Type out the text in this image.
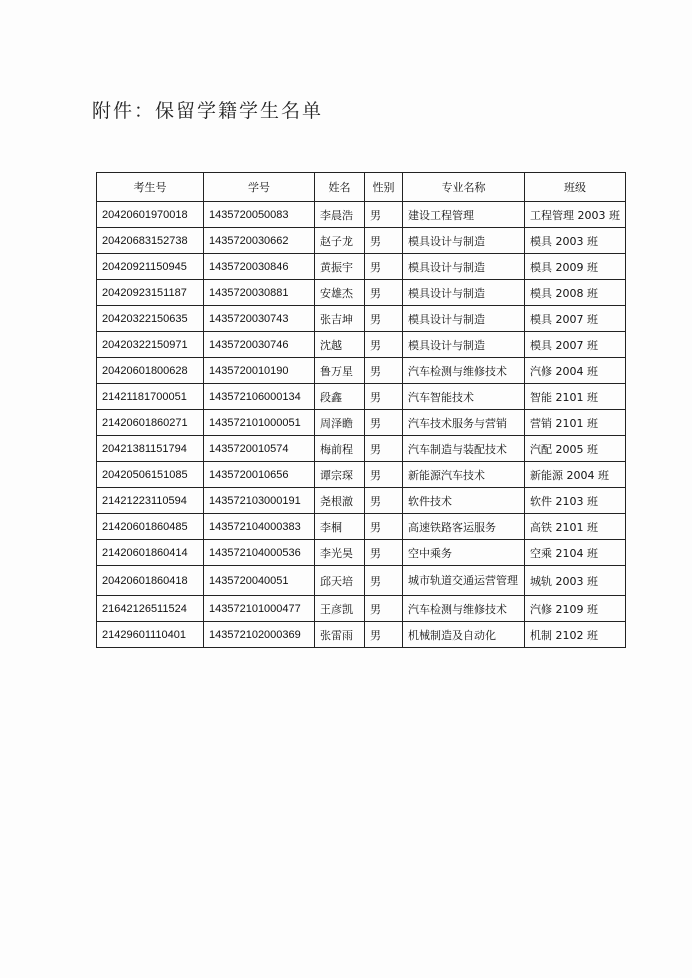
附件：保留学籍学生名单
考生号	学号	姓名	性别	专业名称	班级
20420601970018	1435720050083	李晨浩	男	建设工程管理	工程管理 2003 班
20420683152738	1435720030662	赵子龙	男	模具设计与制造	模具 2003 班
20420921150945	1435720030846	黄振宇	男	模具设计与制造	模具 2009 班
20420923151187	1435720030881	安雄杰	男	模具设计与制造	模具 2008 班
20420322150635	1435720030743	张吉坤	男	模具设计与制造	模具 2007 班
20420322150971	1435720030746	沈越	男	模具设计与制造	模具 2007 班
20420601800628	1435720010190	鲁万星	男	汽车检测与维修技术	汽修 2004 班
21421181700051	143572106000134	段鑫	男	汽车智能技术	智能 2101 班
21420601860271	143572101000051	周泽瞻	男	汽车技术服务与营销	营销 2101 班
20421381151794	1435720010574	梅前程	男	汽车制造与装配技术	汽配 2005 班
20420506151085	1435720010656	谭宗琛	男	新能源汽车技术	新能源 2004 班
21421223110594	143572103000191	尧根澈	男	软件技术	软件 2103 班
21420601860485	143572104000383	李桐	男	高速铁路客运服务	高铁 2101 班
21420601860414	143572104000536	李光昊	男	空中乘务	空乘 2104 班
20420601860418	1435720040051	邱天培	男	城市轨道交通运营管理	城轨 2003 班
21642126511524	143572101000477	王彦凯	男	汽车检测与维修技术	汽修 2109 班
21429601110401	143572102000369	张雷雨	男	机械制造及自动化	机制 2102 班
